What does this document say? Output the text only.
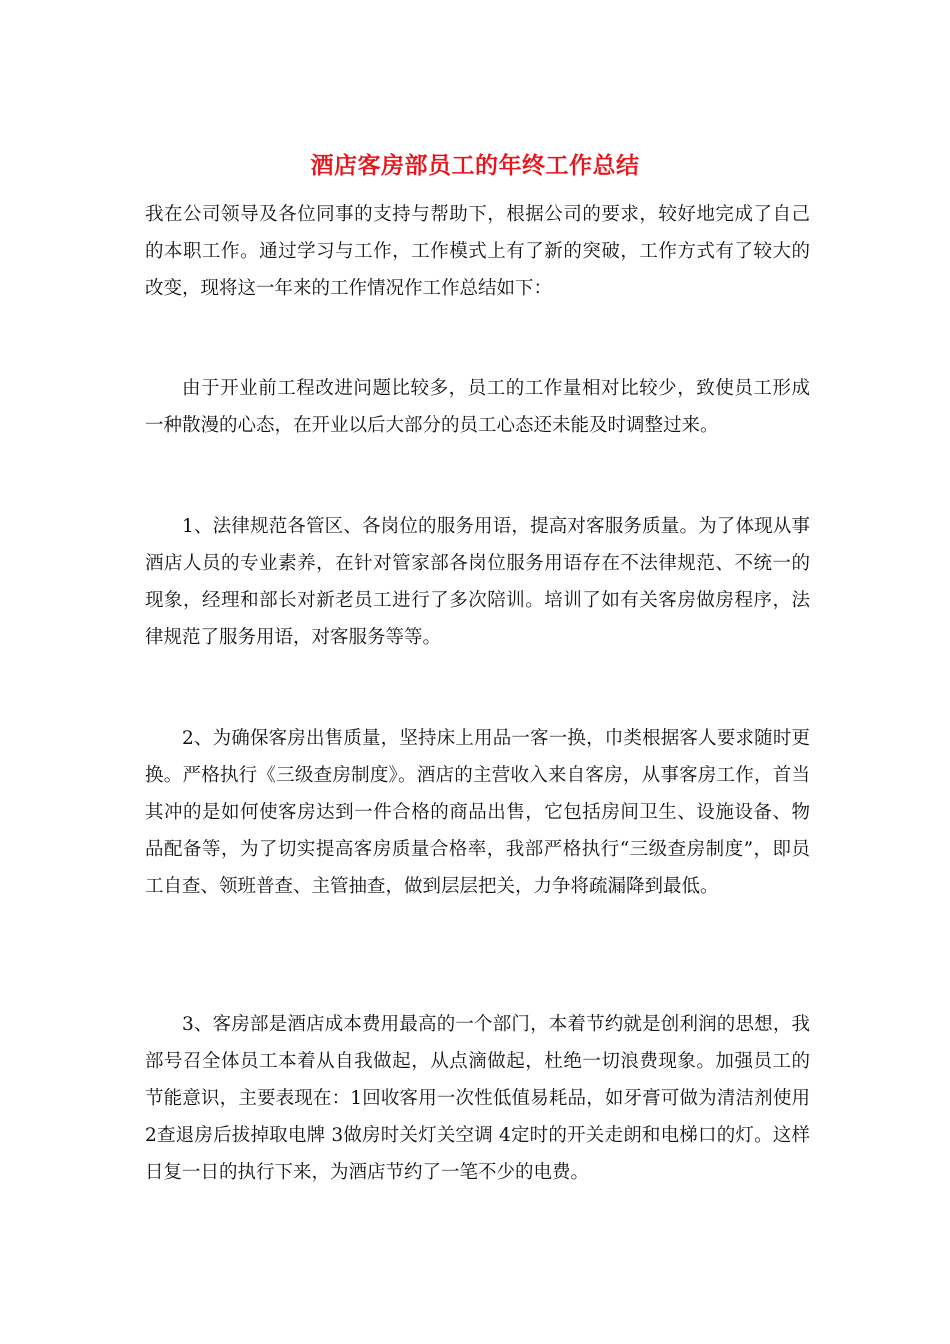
酒店客房部员工的年终工作总结

我在公司领导及各位同事的支持与帮助下，根据公司的要求，较好地完成了自己的本职工作。通过学习与工作，工作模式上有了新的突破，工作方式有了较大的改变，现将这一年来的工作情况作工作总结如下：

由于开业前工程改进问题比较多，员工的工作量相对比较少，致使员工形成一种散漫的心态，在开业以后大部分的员工心态还未能及时调整过来。

1、法律规范各管区、各岗位的服务用语，提高对客服务质量。为了体现从事酒店人员的专业素养，在针对管家部各岗位服务用语存在不法律规范、不统一的现象，经理和部长对新老员工进行了多次陪训。培训了如有关客房做房程序，法律规范了服务用语，对客服务等等。

2、为确保客房出售质量，坚持床上用品一客一换，巾类根据客人要求随时更换。严格执行《三级查房制度》。酒店的主营收入来自客房，从事客房工作，首当其冲的是如何使客房达到一件合格的商品出售，它包括房间卫生、设施设备、物品配备等，为了切实提高客房质量合格率，我部严格执行“三级查房制度”，即员工自查、领班普查、主管抽查，做到层层把关，力争将疏漏降到最低。

3、客房部是酒店成本费用最高的一个部门，本着节约就是创利润的思想，我部号召全体员工本着从自我做起，从点滴做起，杜绝一切浪费现象。加强员工的节能意识，主要表现在：1回收客用一次性低值易耗品，如牙膏可做为清洁剂使用 2查退房后拔掉取电牌 3做房时关灯关空调 4定时的开关走朗和电梯口的灯。这样日复一日的执行下来，为酒店节约了一笔不少的电费。
